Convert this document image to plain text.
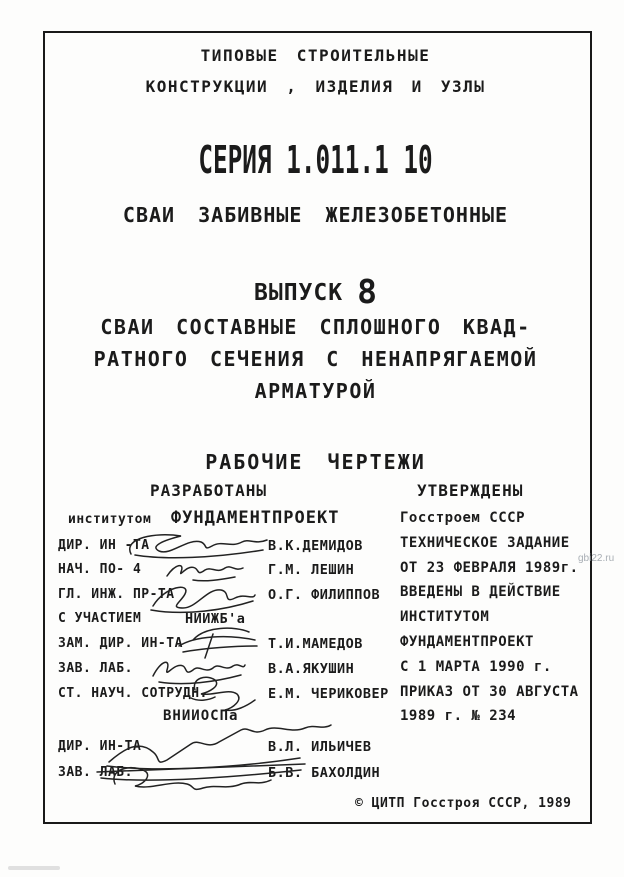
ТИПОВЫЕ СТРОИТЕЛЬНЫЕ
КОНСТРУКЦИИ , ИЗДЕЛИЯ И УЗЛЫ
СЕРИЯ 1.011.1 10
СВАИ ЗАБИВНЫЕ ЖЕЛЕЗОБЕТОННЫЕ
ВЫПУСК 8
СВАИ СОСТАВНЫЕ СПЛОШНОГО КВАД-
РАТНОГО СЕЧЕНИЯ С НЕНАПРЯГАЕМОЙ
АРМАТУРОЙ
РАБОЧИЕ ЧЕРТЕЖИ
РАЗРАБОТАНЫ	УТВЕРЖДЕНЫ
институтом ФУНДАМЕНТПРОЕКТ
ДИР. ИН -ТА	В.К.ДЕМИДОВ
НАЧ. ПО- 4	Г.М. ЛЕШИН
ГЛ. ИНЖ. ПР-ТА	О.Г. ФИЛИППОВ
С УЧАСТИЕМ	НИИЖБ'а
ЗАМ. ДИР. ИН-ТА	Т.И.МАМЕДОВ
ЗАВ. ЛАБ.	В.А.ЯКУШИН
СТ. НАУЧ. СОТРУДН.	Е.М. ЧЕРИКОВЕР
ВНИИОСПа
ДИР. ИН-ТА	В.Л. ИЛЬИЧЕВ
ЗАВ. ЛАБ.	Б.В. БАХОЛДИН
Госстроем СССР
ТЕХНИЧЕСКОЕ ЗАДАНИЕ
ОТ 23 ФЕВРАЛЯ 1989г.
ВВЕДЕНЫ В ДЕЙСТВИЕ
ИНСТИТУТОМ
ФУНДАМЕНТПРОЕКТ
С 1 МАРТА 1990 г.
ПРИКАЗ ОТ 30 АВГУСТА
1989 г. № 234
© ЦИТП Госстроя СССР, 1989
gbi22.ru
